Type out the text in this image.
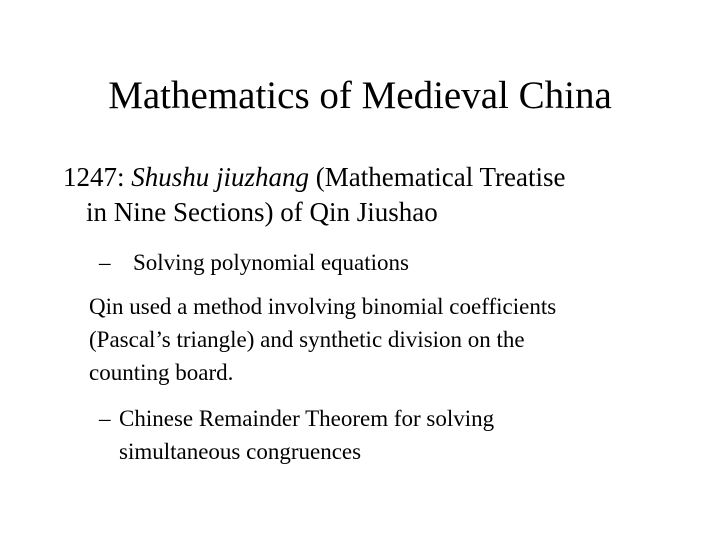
Mathematics of Medieval China
1247: Shushu jiuzhang (Mathematical Treatise
in Nine Sections) of Qin Jiushao
– Solving polynomial equations
Qin used a method involving binomial coefficients
(Pascal’s triangle) and synthetic division on the
counting board.
– Chinese Remainder Theorem for solving
simultaneous congruences
